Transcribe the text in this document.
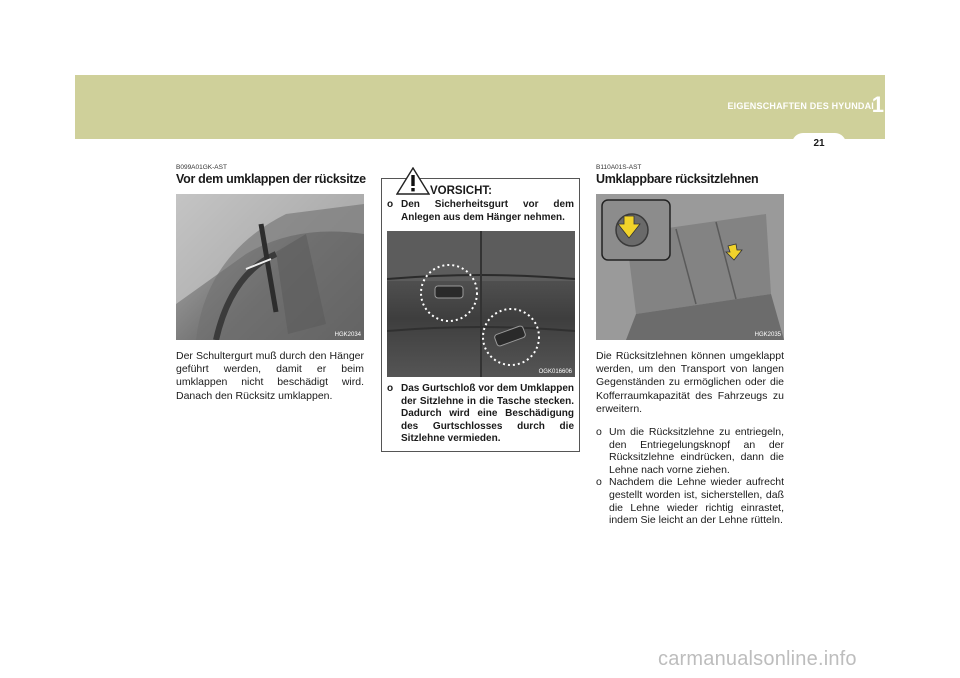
EIGENSCHAFTEN DES HYUNDAI
1
21
B099A01GK-AST
Vor dem umklappen der rücksitze
HGK2034
Der Schultergurt muß durch den Hänger geführt werden, damit er beim umklappen nicht beschädigt wird. Danach den Rücksitz umklappen.
VORSICHT:
o Den Sicherheitsgurt vor dem Anlegen aus dem Hänger nehmen.
OGK016606
o Das Gurtschloß vor dem Umklappen der Sitzlehne in die Tasche stecken. Dadurch wird eine Beschädigung des Gurtschlosses durch die Sitzlehne vermieden.
B110A01S-AST
Umklappbare rücksitzlehnen
HGK2035
Die Rücksitzlehnen können umgeklappt werden, um den Transport von langen Gegenständen zu ermöglichen oder die Kofferraumkapazität des Fahrzeugs zu erweitern.
o Um die Rücksitzlehne zu entriegeln, den Entriegelungsknopf an der Rücksitzlehne eindrücken, dann die Lehne nach vorne ziehen.
o Nachdem die Lehne wieder aufrecht gestellt worden ist, sicherstellen, daß die Lehne wieder richtig einrastet, indem Sie leicht an der Lehne rütteln.
carmanualsonline.info
